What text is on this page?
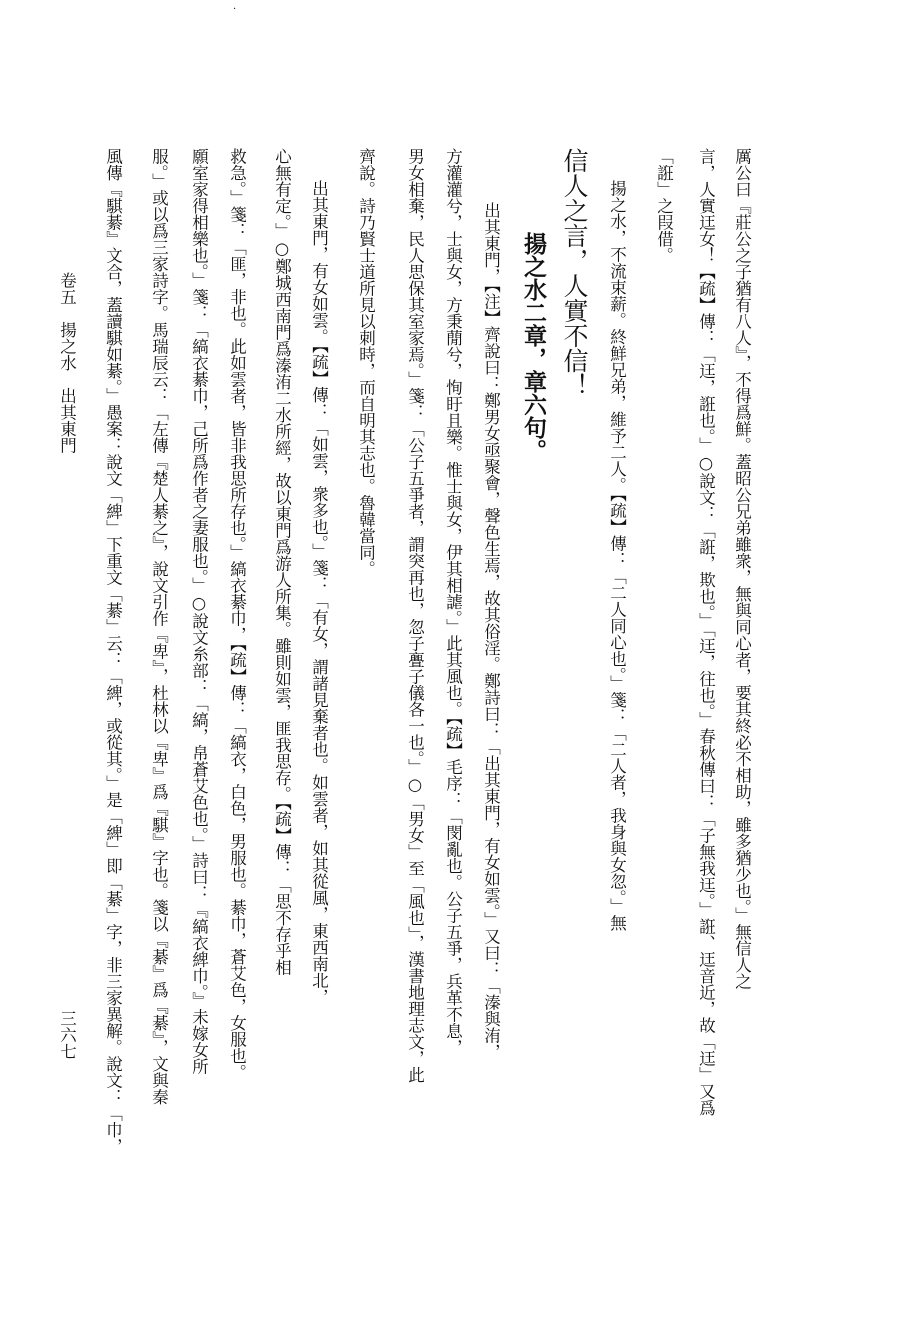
·
厲公曰『莊公之子猶有八人』，不得爲鮮。蓋昭公兄弟雖衆，無與同心者，要其終必不相助，雖多猶少也。」無信人之
言，人實迋女！【疏】傳：「迋，誑也。」○說文：「誑，欺也。」「迋，往也。」春秋傳曰：「子無我迋。」誑、迋音近，故「迋」又爲
「誑」之叚借。
揚之水，不流束薪。終鮮兄弟，維予二人。【疏】傳：「二人同心也。」箋：「二人者，我身與女忽。」無
信人之言，人實不信！
揚之水二章，章六句。
出其東門，【注】齊說曰：鄭男女亟聚會，聲色生焉，故其俗淫。鄭詩曰：「出其東門，有女如雲。」又曰：「溱與洧，
方灌灌兮，士與女，方秉蕑兮，恂盱且樂。惟士與女，伊其相謔。」此其風也。【疏】毛序：「閔亂也。公子五爭，兵革不息，
男女相棄，民人思保其室家焉。」箋：「公子五爭者，謂突再也，忽子亹子儀各一也。」○「男女」至「風也」，漢書地理志文，此
齊說。詩乃賢士道所見以刺時，而自明其志也。魯韓當同。
出其東門，有女如雲。【疏】傳：「如雲，衆多也。」箋：「有女，謂諸見棄者也。如雲者，如其從風，東西南北，
心無有定。」○鄭城西南門爲溱洧二水所經，故以東門爲游人所集。雖則如雲，匪我思存。【疏】傳：「思不存乎相
救急。」箋：「匪，非也。此如雲者，皆非我思所存也。」縞衣綦巾，【疏】傳：「縞衣，白色，男服也。綦巾，蒼艾色，女服也。
願室家得相樂也。」箋：「縞衣綦巾，己所爲作者之妻服也。」○說文糸部：「縞，帛蒼艾色也。」詩曰：『縞衣綼巾。』未嫁女所
服。」或以爲三家詩字。馬瑞辰云：「左傳『楚人綦之』，說文引作『卑』，杜林以『卑』爲『騏』字也。箋以『綦』爲『綦』，文與秦
風傳『騏綦』文合，蓋讀騏如綦。」愚案：說文「綼」下重文「綦」云：「綼，或從其。」是「綼」即「綦」字，非三家異解。說文：「巾，
卷五　揚之水　出其東門
三六七
